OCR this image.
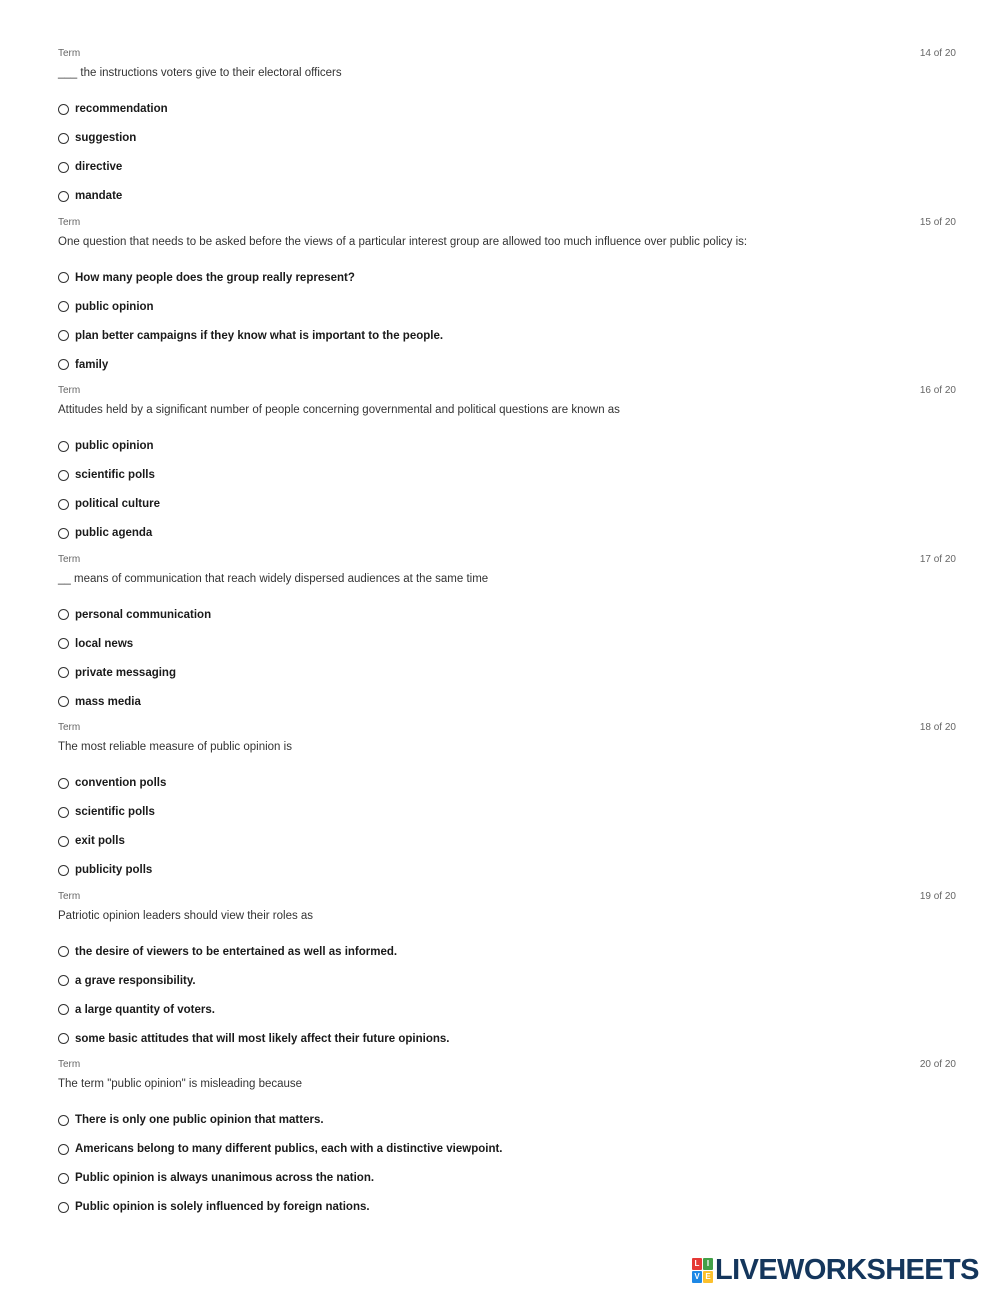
Term	14 of 20
___ the instructions voters give to their electoral officers
recommendation
suggestion
directive
mandate
Term	15 of 20
One question that needs to be asked before the views of a particular interest group are allowed too much influence over public policy is:
How many people does the group really represent?
public opinion
plan better campaigns if they know what is important to the people.
family
Term	16 of 20
Attitudes held by a significant number of people concerning governmental and political questions are known as
public opinion
scientific polls
political culture
public agenda
Term	17 of 20
__ means of communication that reach widely dispersed audiences at the same time
personal communication
local news
private messaging
mass media
Term	18 of 20
The most reliable measure of public opinion is
convention polls
scientific polls
exit polls
publicity polls
Term	19 of 20
Patriotic opinion leaders should view their roles as
the desire of viewers to be entertained as well as informed.
a grave responsibility.
a large quantity of voters.
some basic attitudes that will most likely affect their future opinions.
Term	20 of 20
The term "public opinion" is misleading because
There is only one public opinion that matters.
Americans belong to many different publics, each with a distinctive viewpoint.
Public opinion is always unanimous across the nation.
Public opinion is solely influenced by foreign nations.
L I
V E LIVEWORKSHEETS
